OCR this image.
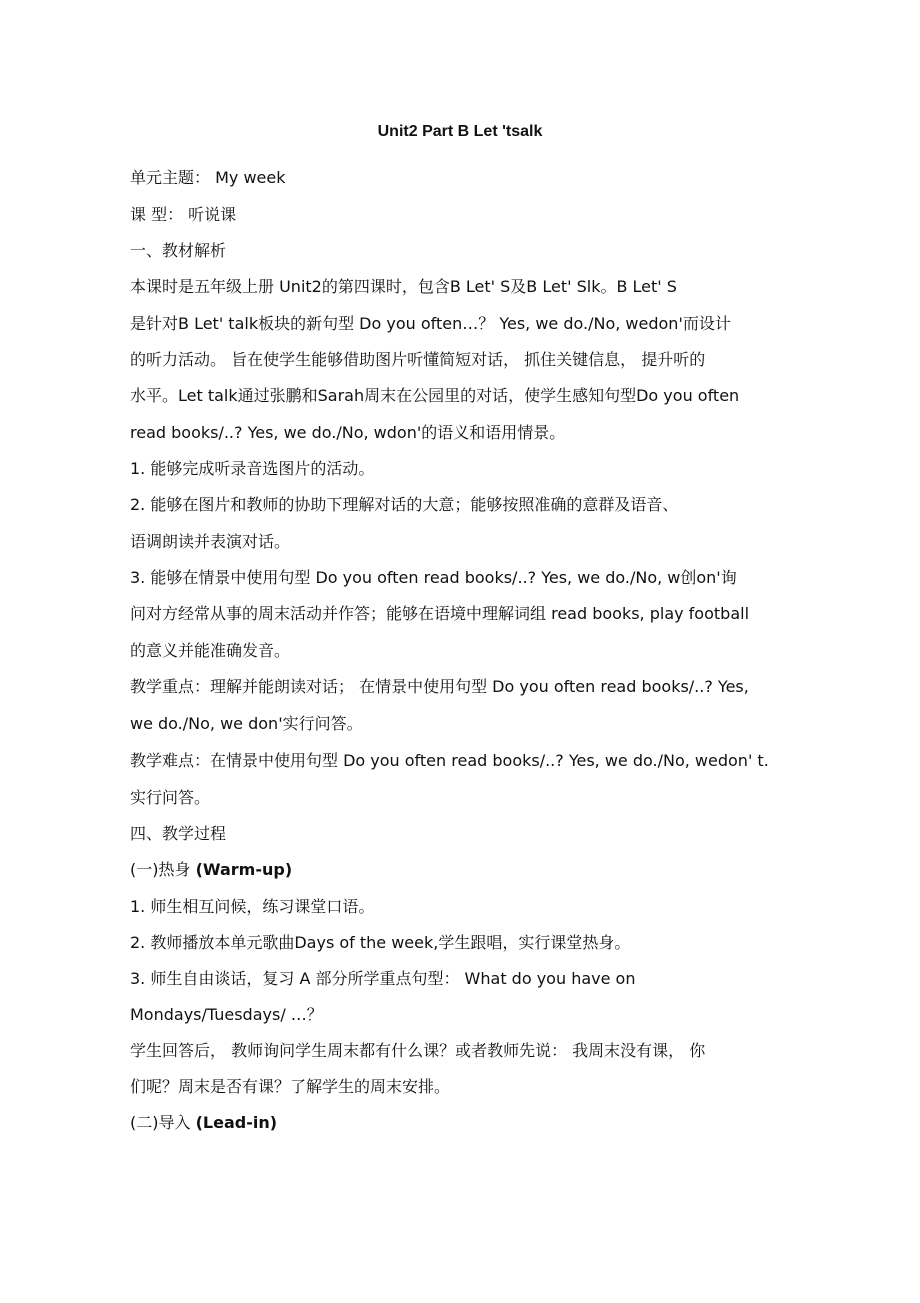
Unit2 Part B Let 'tsalk
单元主题： My week
课 型： 听说课
一、教材解析
本课时是五年级上册 Unit2的第四课时，包含B Let' S及B Let' Slk。B Let' S
是针对B Let' talk板块的新句型 Do you often…？ Yes, we do./No, wedon'而设计
的听力活动。 旨在使学生能够借助图片听懂简短对话， 抓住关键信息， 提升听的
水平。Let talk通过张鹏和Sarah周末在公园里的对话，使学生感知句型Do you often
read books/..? Yes, we do./No, wdon'的语义和语用情景。
1. 能够完成听录音选图片的活动。
2. 能够在图片和教师的协助下理解对话的大意；能够按照准确的意群及语音、
语调朗读并表演对话。
3. 能够在情景中使用句型 Do you often read books/..? Yes, we do./No, w创on'询
问对方经常从事的周末活动并作答；能够在语境中理解词组 read books, play football
的意义并能准确发音。
教学重点：理解并能朗读对话； 在情景中使用句型 Do you often read books/..? Yes,
we do./No, we don'实行问答。
教学难点：在情景中使用句型 Do you often read books/..? Yes, we do./No, wedon' t.
实行问答。
四、教学过程
(一)热身 (Warm-up)
1. 师生相互问候，练习课堂口语。
2. 教师播放本单元歌曲Days of the week,学生跟唱，实行课堂热身。
3. 师生自由谈话，复习 A 部分所学重点句型： What do you have on
Mondays/Tuesdays/ …？
学生回答后， 教师询问学生周末都有什么课？或者教师先说： 我周末没有课， 你
们呢？周末是否有课？了解学生的周末安排。
(二)导入 (Lead-in)
